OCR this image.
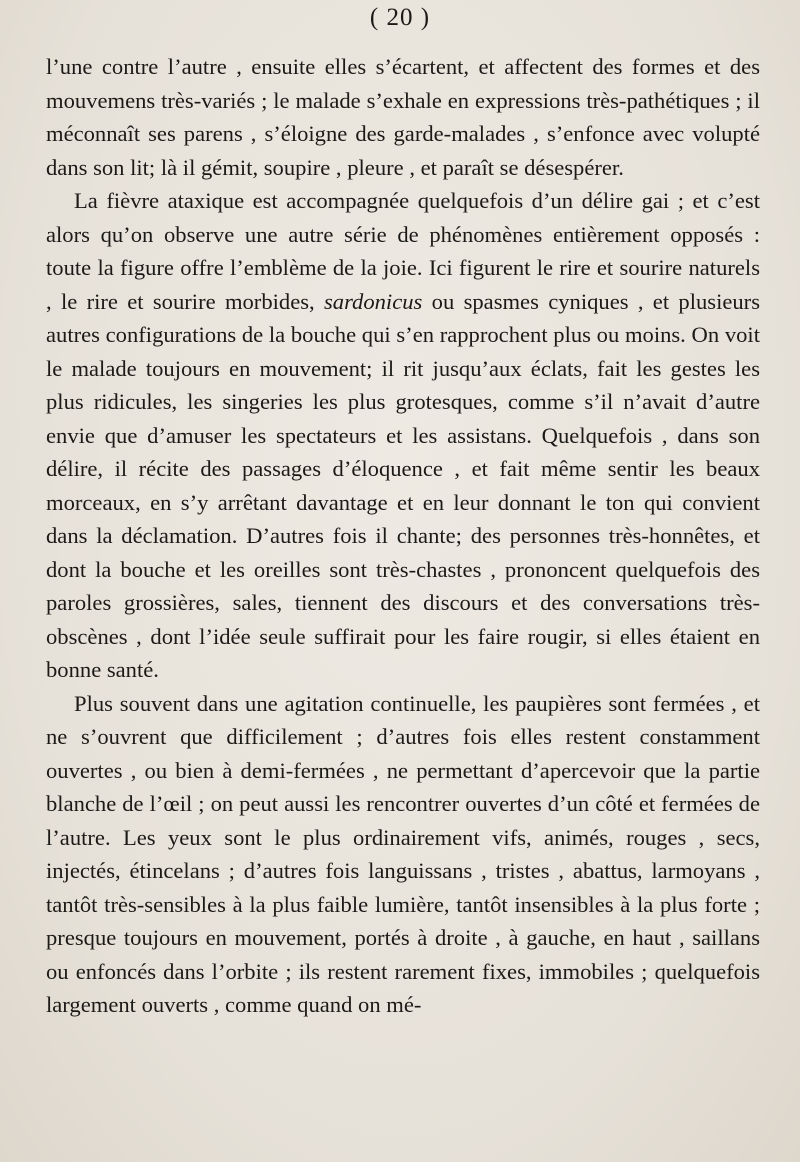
( 20 )

l’une contre l’autre , ensuite elles s’écartent, et affectent des formes et des mouvemens très-variés ; le malade s’exhale en expressions très-pathétiques ; il méconnaît ses parens , s’éloigne des garde-malades , s’enfonce avec volupté dans son lit; là il gémit, soupire , pleure , et paraît se désespérer.

La fièvre ataxique est accompagnée quelquefois d’un délire gai ; et c’est alors qu’on observe une autre série de phénomènes entièrement opposés : toute la figure offre l’emblème de la joie. Ici figurent le rire et sourire naturels , le rire et sourire morbides, sardonicus ou spasmes cyniques , et plusieurs autres configurations de la bouche qui s’en rapprochent plus ou moins. On voit le malade toujours en mouvement; il rit jusqu’aux éclats, fait les gestes les plus ridicules, les singeries les plus grotesques, comme s’il n’avait d’autre envie que d’amuser les spectateurs et les assistans. Quelquefois , dans son délire, il récite des passages d’éloquence , et fait même sentir les beaux morceaux, en s’y arrêtant davantage et en leur donnant le ton qui convient dans la déclamation. D’autres fois il chante; des personnes très-honnêtes, et dont la bouche et les oreilles sont très-chastes , prononcent quelquefois des paroles grossières, sales, tiennent des discours et des conversations très-obscènes , dont l’idée seule suffirait pour les faire rougir, si elles étaient en bonne santé.

Plus souvent dans une agitation continuelle, les paupières sont fermées , et ne s’ouvrent que difficilement ; d’autres fois elles restent constamment ouvertes , ou bien à demi-fermées , ne permettant d’apercevoir que la partie blanche de l’œil ; on peut aussi les rencontrer ouvertes d’un côté et fermées de l’autre. Les yeux sont le plus ordinairement vifs, animés, rouges , secs, injectés, étincelans ; d’autres fois languissans , tristes , abattus, larmoyans , tantôt très-sensibles à la plus faible lumière, tantôt insensibles à la plus forte ; presque toujours en mouvement, portés à droite , à gauche, en haut , saillans ou enfoncés dans l’orbite ; ils restent rarement fixes, immobiles ; quelquefois largement ouverts , comme quand on mé-
